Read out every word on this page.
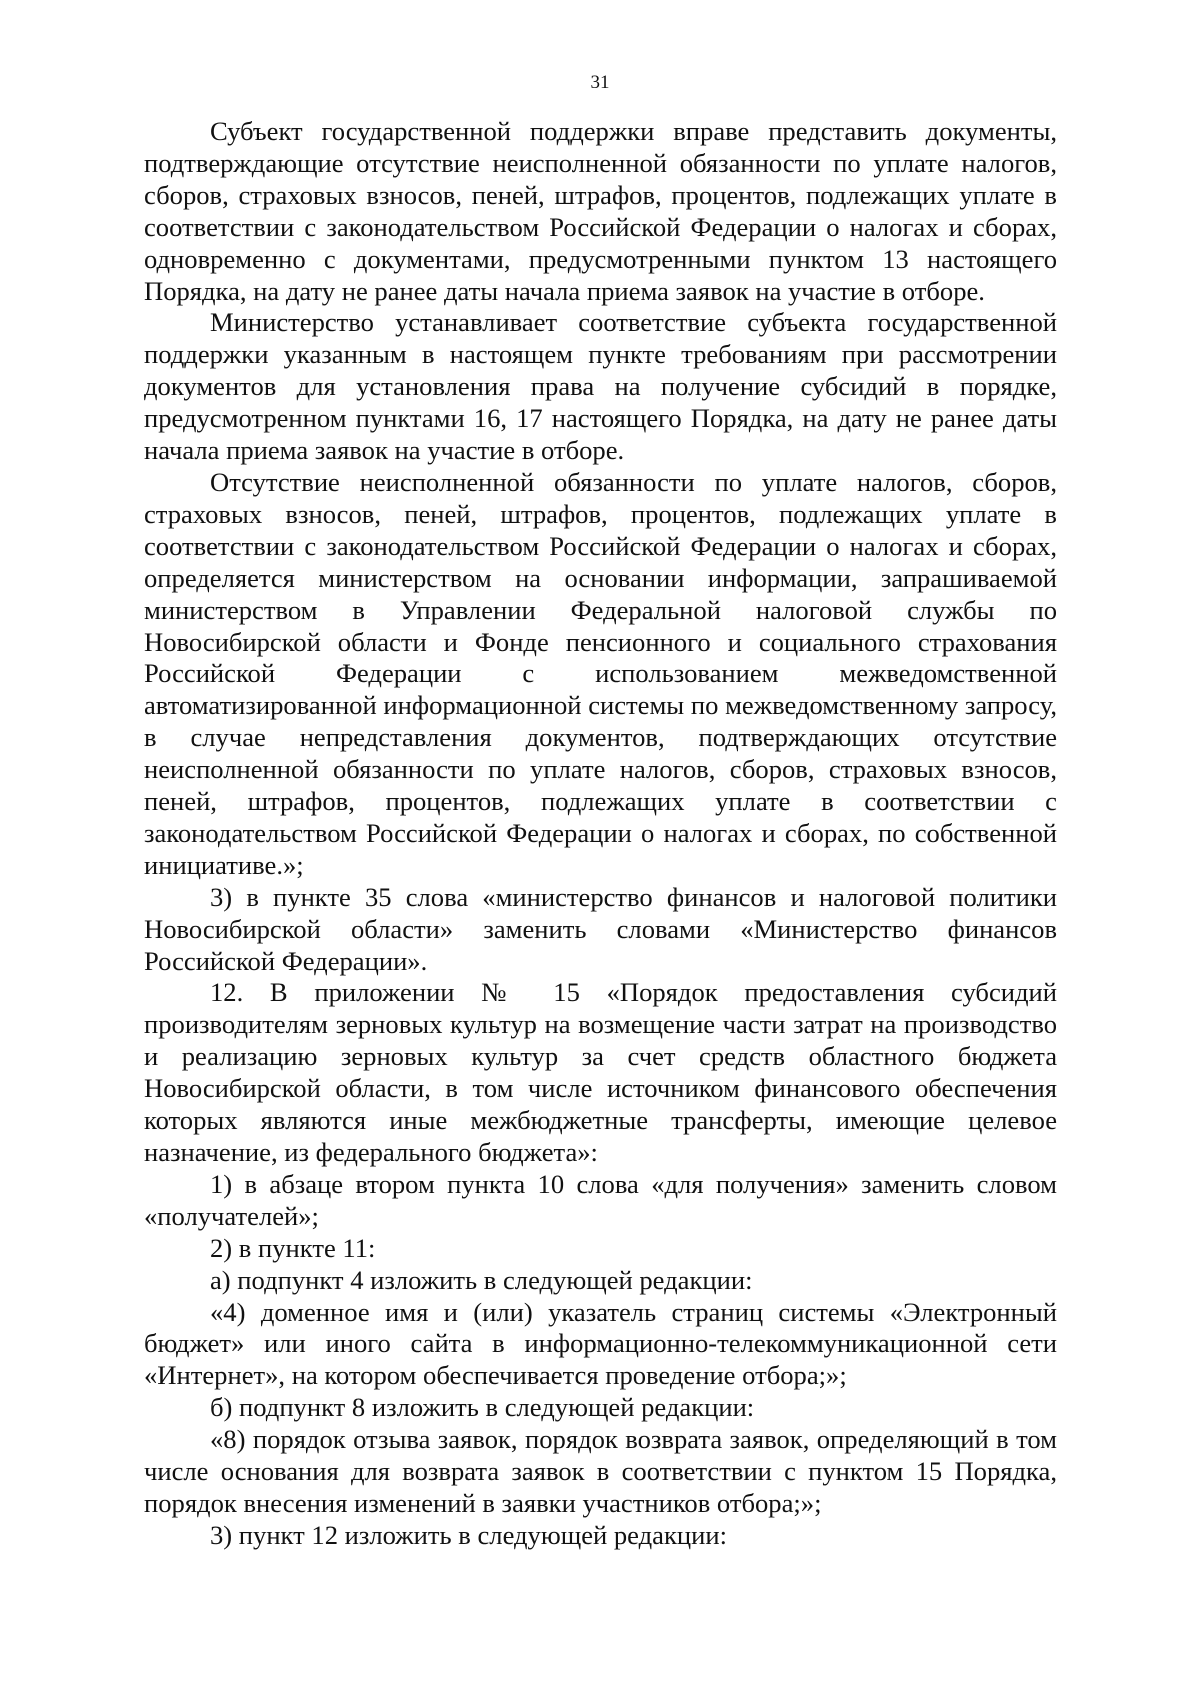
31

Субъект государственной поддержки вправе представить документы, подтверждающие отсутствие неисполненной обязанности по уплате налогов, сборов, страховых взносов, пеней, штрафов, процентов, подлежащих уплате в соответствии с законодательством Российской Федерации о налогах и сборах, одновременно с документами, предусмотренными пунктом 13 настоящего Порядка, на дату не ранее даты начала приема заявок на участие в отборе.

Министерство устанавливает соответствие субъекта государственной поддержки указанным в настоящем пункте требованиям при рассмотрении документов для установления права на получение субсидий в порядке, предусмотренном пунктами 16, 17 настоящего Порядка, на дату не ранее даты начала приема заявок на участие в отборе.

Отсутствие неисполненной обязанности по уплате налогов, сборов, страховых взносов, пеней, штрафов, процентов, подлежащих уплате в соответствии с законодательством Российской Федерации о налогах и сборах, определяется министерством на основании информации, запрашиваемой министерством в Управлении Федеральной налоговой службы по Новосибирской области и Фонде пенсионного и социального страхования Российской Федерации с использованием межведомственной автоматизированной информационной системы по межведомственному запросу, в случае непредставления документов, подтверждающих отсутствие неисполненной обязанности по уплате налогов, сборов, страховых взносов, пеней, штрафов, процентов, подлежащих уплате в соответствии с законодательством Российской Федерации о налогах и сборах, по собственной инициативе.»;

3) в пункте 35 слова «министерство финансов и налоговой политики Новосибирской области» заменить словами «Министерство финансов Российской Федерации».

12. В приложении № 15 «Порядок предоставления субсидий производителям зерновых культур на возмещение части затрат на производство и реализацию зерновых культур за счет средств областного бюджета Новосибирской области, в том числе источником финансового обеспечения которых являются иные межбюджетные трансферты, имеющие целевое назначение, из федерального бюджета»:

1) в абзаце втором пункта 10 слова «для получения» заменить словом «получателей»;

2) в пункте 11:

а) подпункт 4 изложить в следующей редакции:

«4) доменное имя и (или) указатель страниц системы «Электронный бюджет» или иного сайта в информационно-телекоммуникационной сети «Интернет», на котором обеспечивается проведение отбора;»;

б) подпункт 8 изложить в следующей редакции:

«8) порядок отзыва заявок, порядок возврата заявок, определяющий в том числе основания для возврата заявок в соответствии с пунктом 15 Порядка, порядок внесения изменений в заявки участников отбора;»;

3) пункт 12 изложить в следующей редакции:
